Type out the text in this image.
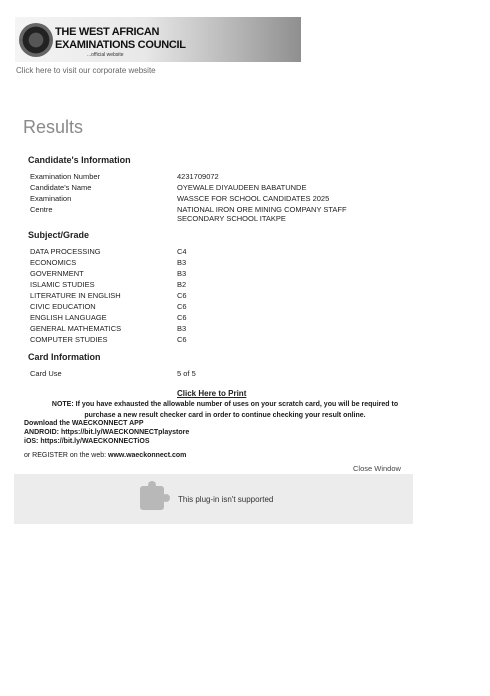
THE WEST AFRICAN
EXAMINATIONS COUNCIL
...official website
Click here to visit our corporate website
Results
Candidate's Information
Examination Number	4231709072
Candidate's Name	OYEWALE DIYAUDEEN BABATUNDE
Examination	WASSCE FOR SCHOOL CANDIDATES 2025
Centre	NATIONAL IRON ORE MINING COMPANY STAFF
SECONDARY SCHOOL ITAKPE
Subject/Grade
DATA PROCESSING	C4
ECONOMICS	B3
GOVERNMENT	B3
ISLAMIC STUDIES	B2
LITERATURE IN ENGLISH	C6
CIVIC EDUCATION	C6
ENGLISH LANGUAGE	C6
GENERAL MATHEMATICS	B3
COMPUTER STUDIES	C6
Card Information
Card Use	5 of 5
Click Here to Print
NOTE: If you have exhausted the allowable number of uses on your scratch card, you will be required to
purchase a new result checker card in order to continue checking your result online.
Download the WAECKONNECT APP
ANDROID: https://bit.ly/WAECKONNECTplaystore
iOS: https://bit.ly/WAECKONNECTiOS
or REGISTER on the web: www.waeckonnect.com
Close Window
This plug-in isn't supported
